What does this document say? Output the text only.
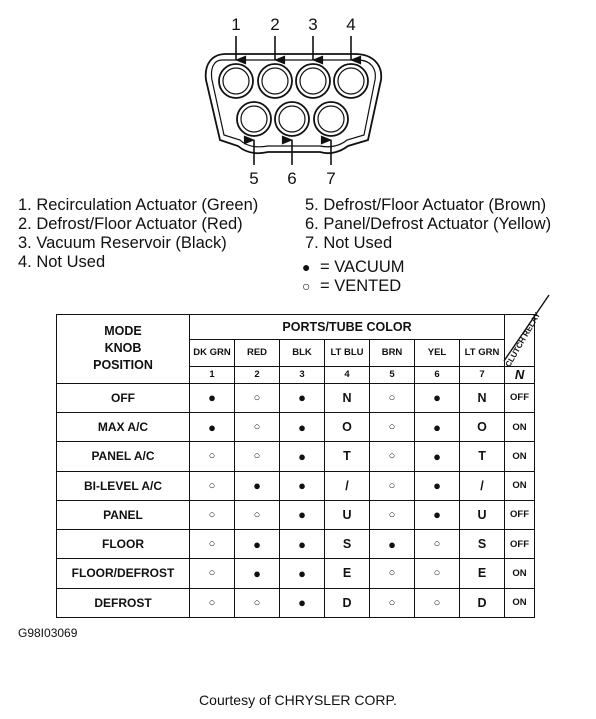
1 2 3 4
5 6 7
1. Recirculation Actuator (Green)
2. Defrost/Floor Actuator (Red)
3. Vacuum Reservoir (Black)
4. Not Used
5. Defrost/Floor Actuator (Brown)
6. Panel/Defrost Actuator (Yellow)
7. Not Used
● = VACUUM
○ = VENTED
MODE
KNOB
POSITION	PORTS/TUBE COLOR							CLUTCH RELAY

	DK GRN	RED	BLK	LT BLU	BRN	YEL	LT GRN	
	1	2	3	4	5	6	7	N
OFF	●	○	●	N	○	●	N	OFF
MAX A/C	●	○	●	O	○	●	O	ON
PANEL A/C	○	○	●	T	○	●	T	ON
BI-LEVEL A/C	○	●	●	/	○	●	/	ON
PANEL	○	○	●	U	○	●	U	OFF
FLOOR	○	●	●	S	●	○	S	OFF
FLOOR/DEFROST	○	●	●	E	○	○	E	ON
DEFROST	○	○	●	D	○	○	D	ON
G98I03069
Courtesy of CHRYSLER CORP.
